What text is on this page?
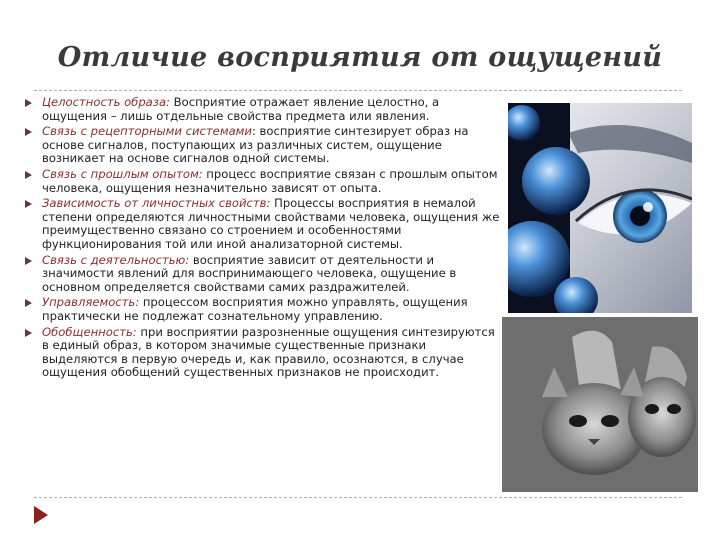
Отличие восприятия от ощущений
Целостность образа: Восприятие отражает явление целостно, а ощущения – лишь отдельные свойства предмета или явления.
Связь с рецепторными системами: восприятие синтезирует образ на основе сигналов, поступающих из различных систем, ощущение возникает на основе сигналов одной системы.
Связь с прошлым опытом: процесс восприятие связан с прошлым опытом человека, ощущения незначительно зависят от опыта.
Зависимость от личностных свойств: Процессы восприятия в немалой степени определяются личностными свойствами человека, ощущения же преимущественно связано со строением и особенностями функционирования той или иной анализаторной системы.
Связь с деятельностью: восприятие зависит от деятельности и значимости явлений для воспринимающего человека, ощущение в основном определяется свойствами самих раздражителей.
Управляемость: процессом восприятия можно управлять, ощущения практически не подлежат сознательному управлению.
Обобщенность: при восприятии разрозненные ощущения синтезируются в единый образ, в котором значимые существенные признаки выделяются в первую очередь и, как правило, осознаются, в случае ощущения обобщений существенных признаков не происходит.
